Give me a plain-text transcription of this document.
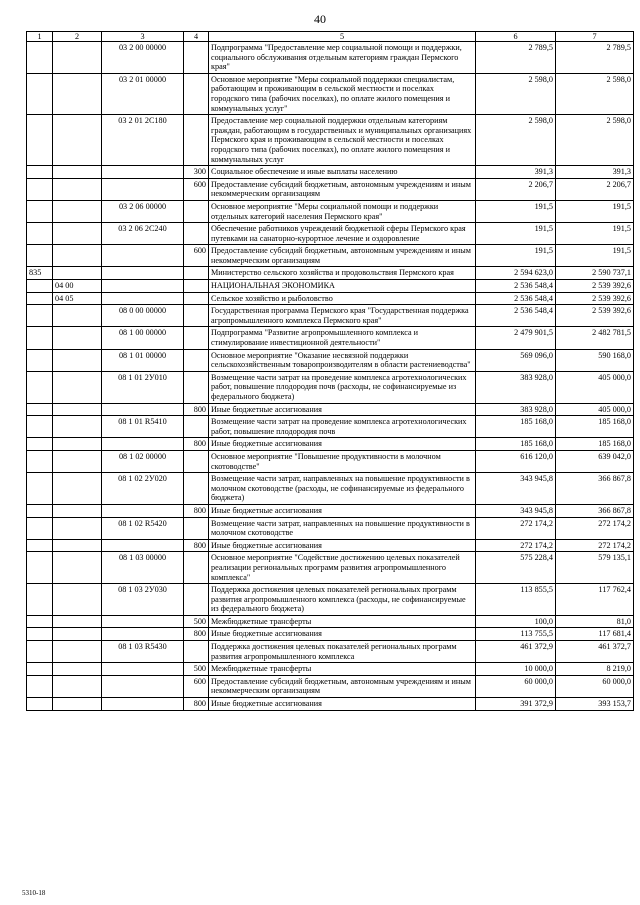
40
1	2	3	4	5	6	7
		03 2 00 00000		Подпрограмма "Предоставление мер социальной помощи и поддержки, социального обслуживания отдельным категориям граждан Пермского края"	2 789,5	2 789,5
		03 2 01 00000		Основное мероприятие "Меры социальной поддержки специалистам, работающим и проживающим в сельской местности и поселках городского типа (рабочих поселках), по оплате жилого помещения и коммунальных услуг"	2 598,0	2 598,0
		03 2 01 2С180		Предоставление мер социальной поддержки отдельным категориям граждан, работающим в государственных и муниципальных организациях Пермского края и проживающим в сельской местности и поселках городского типа (рабочих поселках), по оплате жилого помещения и коммунальных услуг	2 598,0	2 598,0
			300	Социальное обеспечение и иные выплаты населению	391,3	391,3
			600	Предоставление субсидий бюджетным, автономным учреждениям и иным некоммерческим организациям	2 206,7	2 206,7
		03 2 06 00000		Основное мероприятие "Меры социальной помощи и поддержки отдельных категорий населения Пермского края"	191,5	191,5
		03 2 06 2С240		Обеспечение работников учреждений бюджетной сферы Пермского края путевками на санаторно-курортное лечение и оздоровление	191,5	191,5
			600	Предоставление субсидий бюджетным, автономным учреждениям и иным некоммерческим организациям	191,5	191,5
835				Министерство сельского хозяйства и продовольствия Пермского края	2 594 623,0	2 590 737,1
	04 00			НАЦИОНАЛЬНАЯ ЭКОНОМИКА	2 536 548,4	2 539 392,6
	04 05			Сельское хозяйство и рыболовство	2 536 548,4	2 539 392,6
		08 0 00 00000		Государственная программа Пермского края "Государственная поддержка агропромышленного комплекса Пермского края"	2 536 548,4	2 539 392,6
		08 1 00 00000		Подпрограмма "Развитие агропромышленного комплекса и стимулирование инвестиционной деятельности"	2 479 901,5	2 482 781,5
		08 1 01 00000		Основное мероприятие "Оказание несвязной поддержки сельскохозяйственным товаропроизводителям в области растениеводства"	569 096,0	590 168,0
		08 1 01 2У010		Возмещение части затрат на проведение комплекса агротехнологических работ, повышение плодородия почв (расходы, не софинансируемые из федерального бюджета)	383 928,0	405 000,0
			800	Иные бюджетные ассигнования	383 928,0	405 000,0
		08 1 01 R5410		Возмещение части затрат на проведение комплекса агротехнологических работ, повышение плодородия почв	185 168,0	185 168,0
			800	Иные бюджетные ассигнования	185 168,0	185 168,0
		08 1 02 00000		Основное мероприятие "Повышение продуктивности в молочном скотоводстве"	616 120,0	639 042,0
		08 1 02 2У020		Возмещение части затрат, направленных на повышение продуктивности в молочном скотоводстве (расходы, не софинансируемые из федерального бюджета)	343 945,8	366 867,8
			800	Иные бюджетные ассигнования	343 945,8	366 867,8
		08 1 02 R5420		Возмещение части затрат, направленных на повышение продуктивности в молочном скотоводстве	272 174,2	272 174,2
			800	Иные бюджетные ассигнования	272 174,2	272 174,2
		08 1 03 00000		Основное мероприятие "Содействие достижению целевых показателей реализации региональных программ развития агропромышленного комплекса"	575 228,4	579 135,1
		08 1 03 2У030		Поддержка достижения целевых показателей региональных программ развития агропромышленного комплекса (расходы, не софинансируемые из федерального бюджета)	113 855,5	117 762,4
			500	Межбюджетные трансферты	100,0	81,0
			800	Иные бюджетные ассигнования	113 755,5	117 681,4
		08 1 03 R5430		Поддержка достижения целевых показателей региональных программ развития агропромышленного комплекса	461 372,9	461 372,7
			500	Межбюджетные трансферты	10 000,0	8 219,0
			600	Предоставление субсидий бюджетным, автономным учреждениям и иным некоммерческим организациям	60 000,0	60 000,0
			800	Иные бюджетные ассигнования	391 372,9	393 153,7
5310-18
